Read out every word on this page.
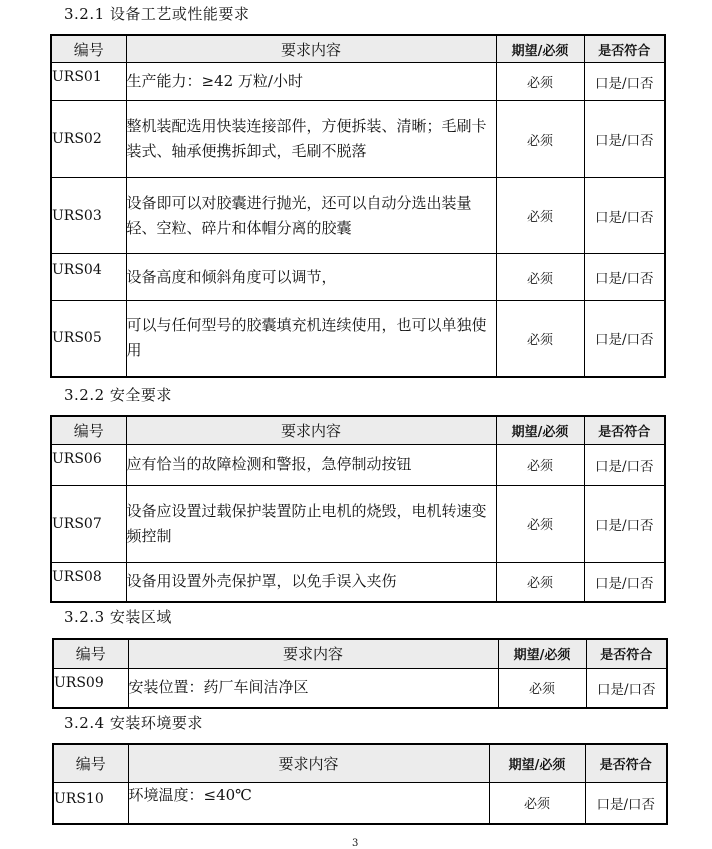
3.2.1 设备工艺或性能要求
编号	要求内容	期望/必须	是否符合
URS01	生产能力：≥42 万粒/小时	必须	口是/口否
URS02	整机装配选用快装连接部件，方便拆装、清晰；毛刷卡装式、轴承便携拆卸式，毛刷不脱落	必须	口是/口否
URS03	设备即可以对胶囊进行抛光，还可以自动分选出装量轻、空粒、碎片和体帽分离的胶囊	必须	口是/口否
URS04	设备高度和倾斜角度可以调节，	必须	口是/口否
URS05	可以与任何型号的胶囊填充机连续使用，也可以单独使用	必须	口是/口否
3.2.2 安全要求
编号	要求内容	期望/必须	是否符合
URS06	应有恰当的故障检测和警报，急停制动按钮	必须	口是/口否
URS07	设备应设置过载保护装置防止电机的烧毁，电机转速变频控制	必须	口是/口否
URS08	设备用设置外壳保护罩，以免手误入夹伤	必须	口是/口否
3.2.3 安装区域
编号	要求内容	期望/必须	是否符合
URS09	安装位置：药厂车间洁净区	必须	口是/口否
3.2.4 安装环境要求
编号	要求内容	期望/必须	是否符合
URS10	环境温度：≤40℃	必须	口是/口否
3
